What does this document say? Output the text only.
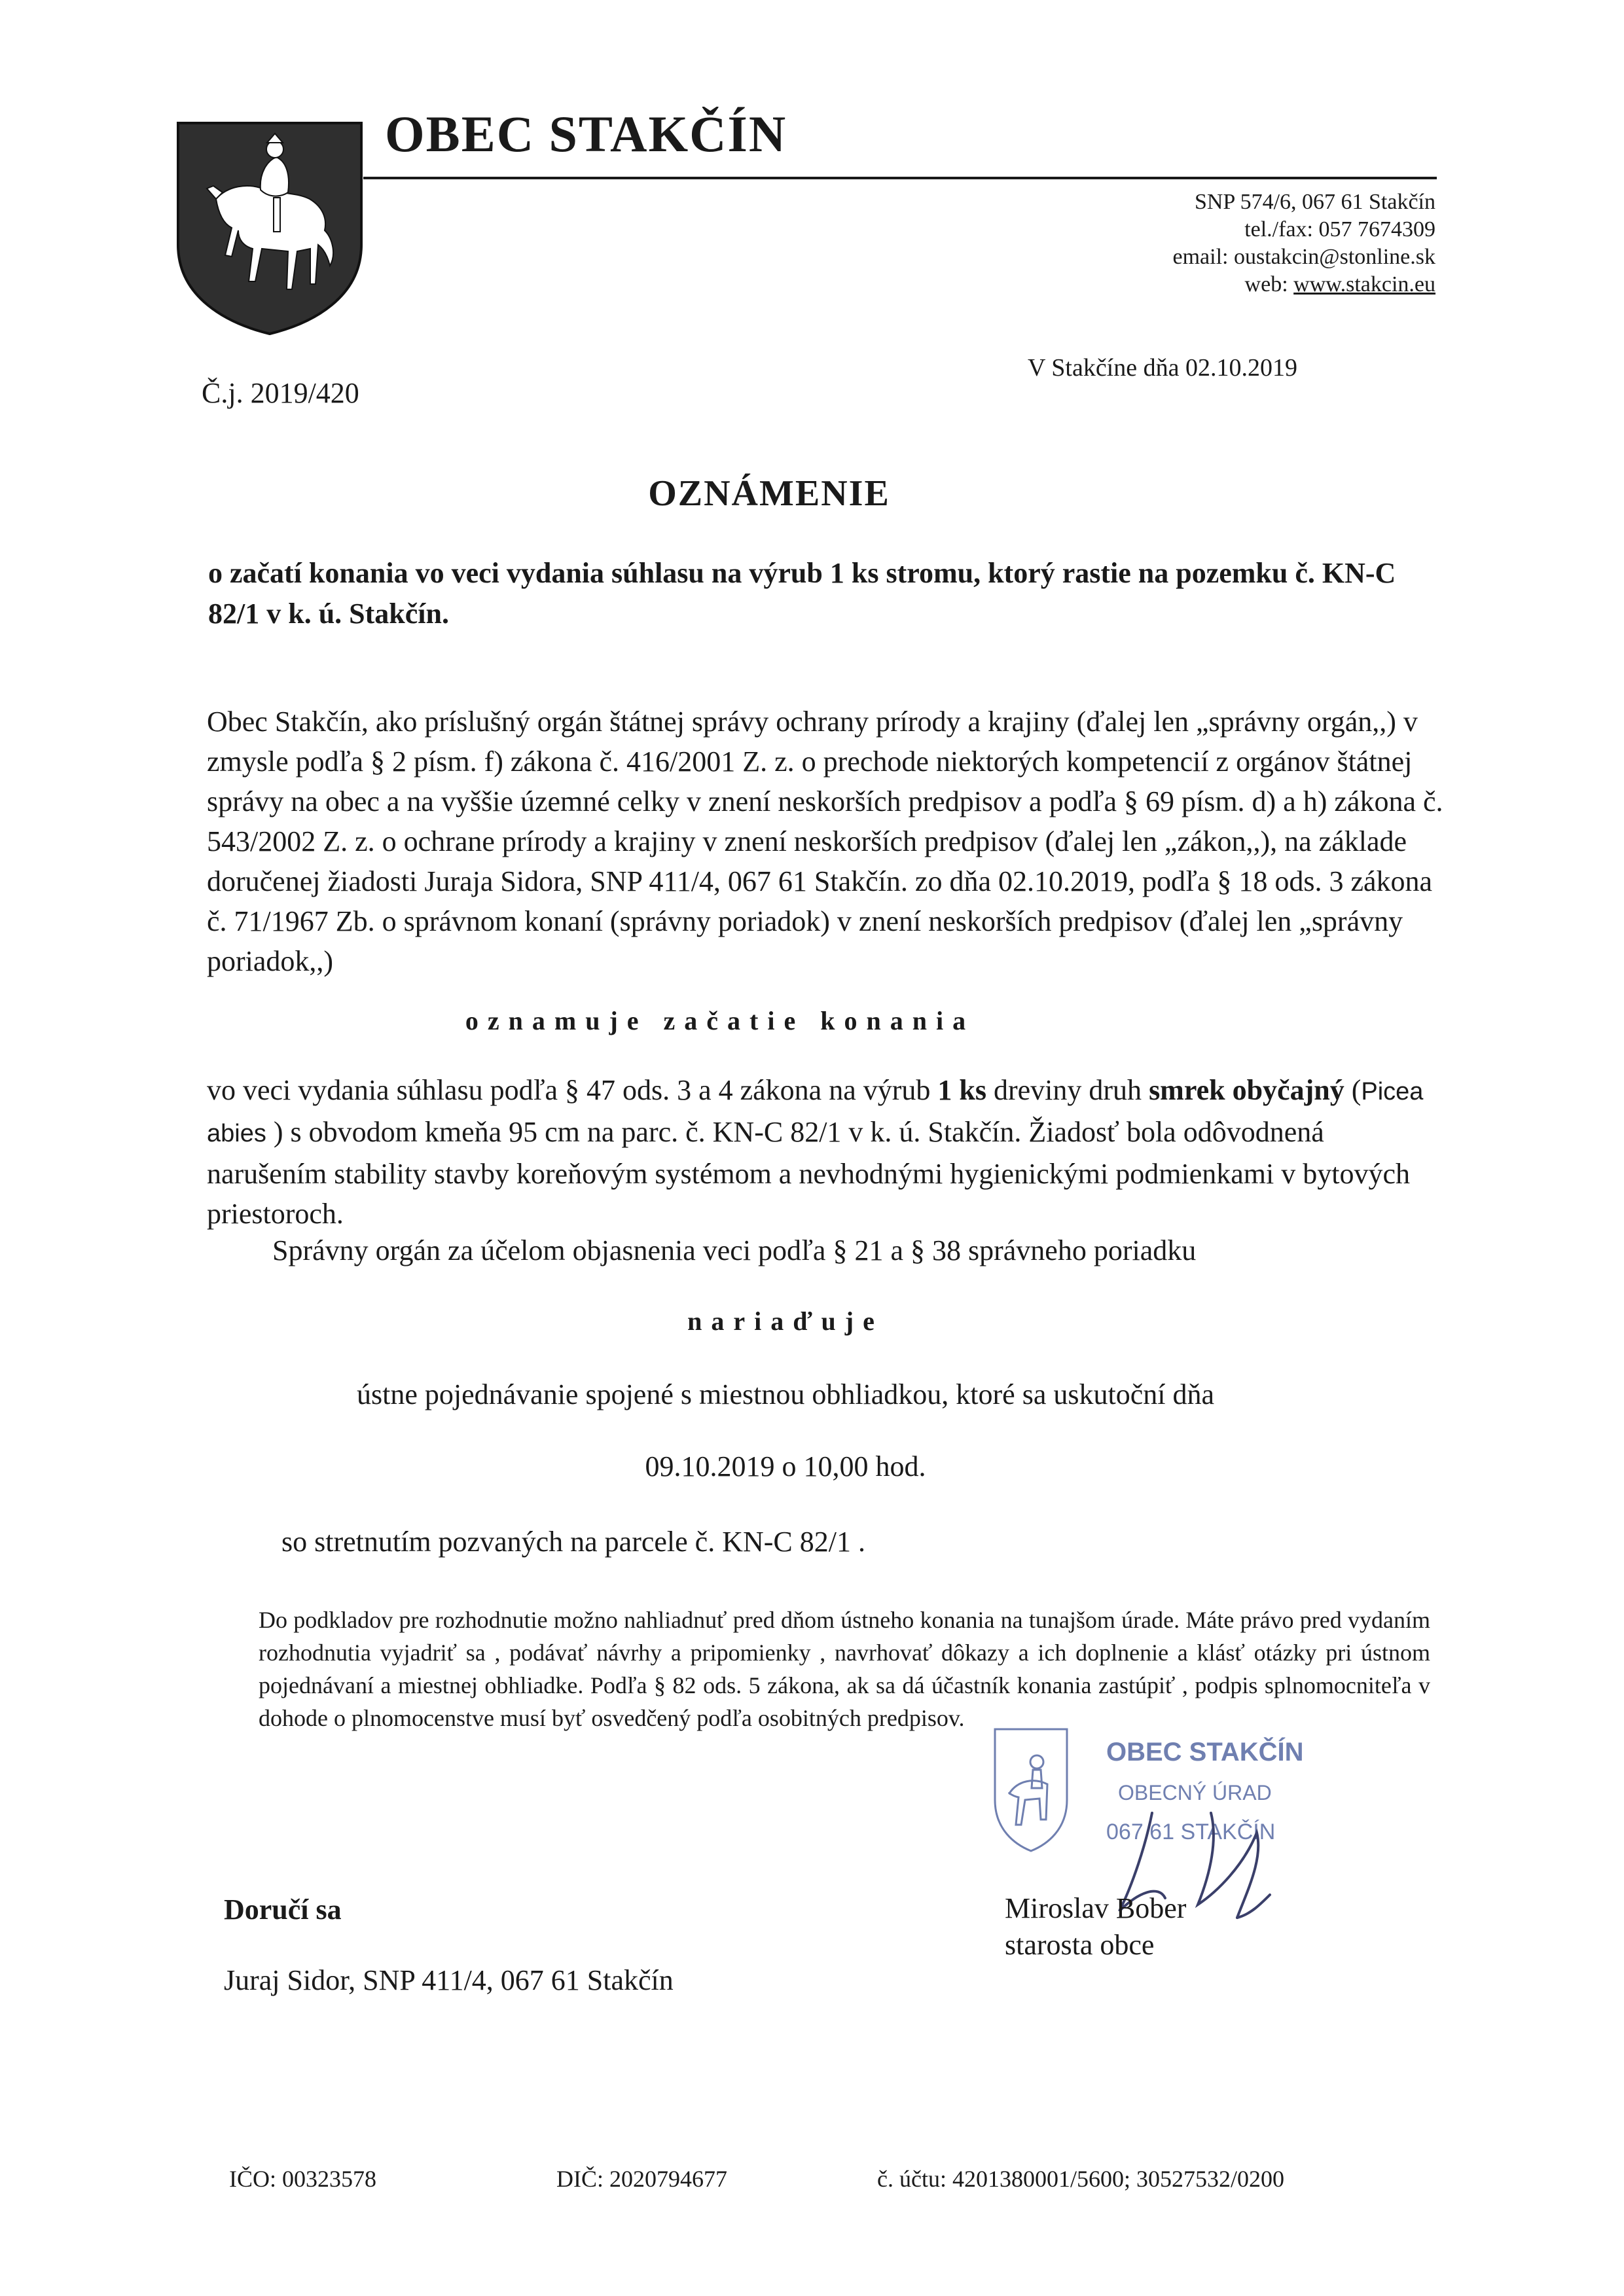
OBEC STAKČÍN
SNP 574/6, 067 61 Stakčín
tel./fax: 057 7674309
email: oustakcin@stonline.sk
web: www.stakcin.eu
Č.j. 2019/420
V Stakčíne dňa 02.10.2019
OZNÁMENIE
o začatí konania vo veci vydania súhlasu na výrub 1 ks stromu, ktorý rastie na pozemku č. KN-C 82/1 v k. ú. Stakčín.
Obec Stakčín, ako príslušný orgán štátnej správy ochrany prírody a krajiny (ďalej len „správny orgán,,) v zmysle podľa § 2 písm. f) zákona č. 416/2001 Z. z. o prechode niektorých kompetencií z orgánov štátnej správy na obec a na vyššie územné celky v znení neskorších predpisov a podľa § 69 písm. d) a h) zákona č. 543/2002 Z. z. o ochrane prírody a krajiny v znení neskorších predpisov (ďalej len „zákon,,), na základe doručenej žiadosti Juraja Sidora, SNP 411/4, 067 61 Stakčín. zo dňa 02.10.2019, podľa § 18 ods. 3 zákona č. 71/1967 Zb. o správnom konaní (správny poriadok) v znení neskorších predpisov (ďalej len „správny poriadok,,)
oznamuje začatie konania
vo veci vydania súhlasu podľa § 47 ods. 3 a 4 zákona na výrub 1 ks dreviny druh smrek obyčajný (Picea abies ) s obvodom kmeňa 95 cm na parc. č. KN-C 82/1 v k. ú. Stakčín. Žiadosť bola odôvodnená narušením stability stavby koreňovým systémom a nevhodnými hygienickými podmienkami v bytových priestoroch.
Správny orgán za účelom objasnenia veci podľa § 21 a § 38 správneho poriadku
nariaďuje
ústne pojednávanie spojené s miestnou obhliadkou, ktoré sa uskutoční dňa
09.10.2019 o 10,00 hod.
so stretnutím pozvaných na parcele č. KN-C 82/1 .
Do podkladov pre rozhodnutie možno nahliadnuť pred dňom ústneho konania na tunajšom úrade. Máte právo pred vydaním rozhodnutia vyjadriť sa , podávať návrhy a pripomienky , navrhovať dôkazy a ich doplnenie a klásť otázky pri ústnom pojednávaní a miestnej obhliadke. Podľa § 82 ods. 5 zákona, ak sa dá účastník konania zastúpiť , podpis splnomocniteľa v dohode o plnomocenstve musí byť osvedčený podľa osobitných predpisov.
OBEC STAKČÍN
OBECNÝ ÚRAD
067 61 STAKČÍN
Miroslav Bober
starosta obce
Doručí sa
Juraj Sidor, SNP 411/4, 067 61 Stakčín
IČO: 00323578	DIČ: 2020794677	č. účtu: 4201380001/5600; 30527532/0200
